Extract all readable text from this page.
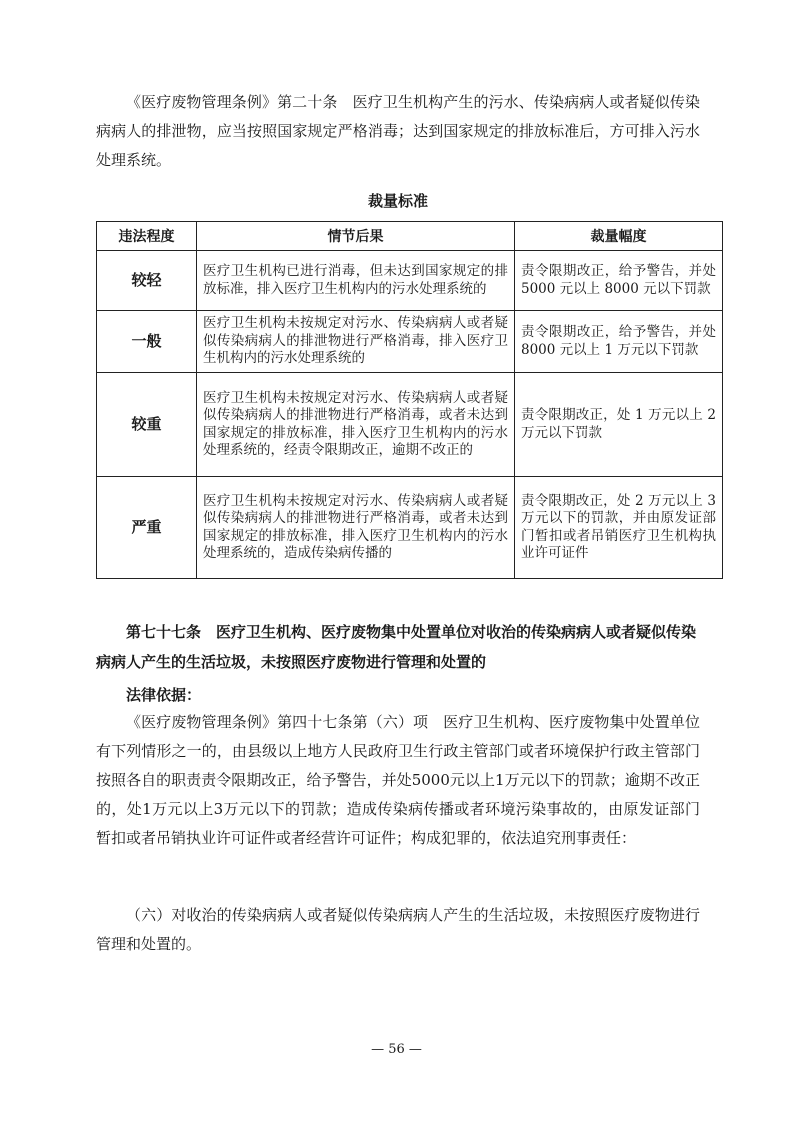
《医疗废物管理条例》第二十条　医疗卫生机构产生的污水、传染病病人或者疑似传染病病人的排泄物，应当按照国家规定严格消毒；达到国家规定的排放标准后，方可排入污水处理系统。

裁量标准

违法程度	情节后果	裁量幅度
较轻	医疗卫生机构已进行消毒，但未达到国家规定的排放标准，排入医疗卫生机构内的污水处理系统的	责令限期改正，给予警告，并处 5000 元以上 8000 元以下罚款
一般	医疗卫生机构未按规定对污水、传染病病人或者疑似传染病病人的排泄物进行严格消毒，排入医疗卫生机构内的污水处理系统的	责令限期改正，给予警告，并处 8000 元以上 1 万元以下罚款
较重	医疗卫生机构未按规定对污水、传染病病人或者疑似传染病病人的排泄物进行严格消毒，或者未达到国家规定的排放标准，排入医疗卫生机构内的污水处理系统的，经责令限期改正，逾期不改正的	责令限期改正，处 1 万元以上 2 万元以下罚款
严重	医疗卫生机构未按规定对污水、传染病病人或者疑似传染病病人的排泄物进行严格消毒，或者未达到国家规定的排放标准，排入医疗卫生机构内的污水处理系统的，造成传染病传播的	责令限期改正，处 2 万元以上 3 万元以下的罚款，并由原发证部门暂扣或者吊销医疗卫生机构执业许可证件

第七十七条　医疗卫生机构、医疗废物集中处置单位对收治的传染病病人或者疑似传染病病人产生的生活垃圾，未按照医疗废物进行管理和处置的

法律依据：

《医疗废物管理条例》第四十七条第（六）项　医疗卫生机构、医疗废物集中处置单位有下列情形之一的，由县级以上地方人民政府卫生行政主管部门或者环境保护行政主管部门按照各自的职责责令限期改正，给予警告，并处5000元以上1万元以下的罚款；逾期不改正的，处1万元以上3万元以下的罚款；造成传染病传播或者环境污染事故的，由原发证部门暂扣或者吊销执业许可证件或者经营许可证件；构成犯罪的，依法追究刑事责任：

（六）对收治的传染病病人或者疑似传染病病人产生的生活垃圾，未按照医疗废物进行管理和处置的。

— 56 —
